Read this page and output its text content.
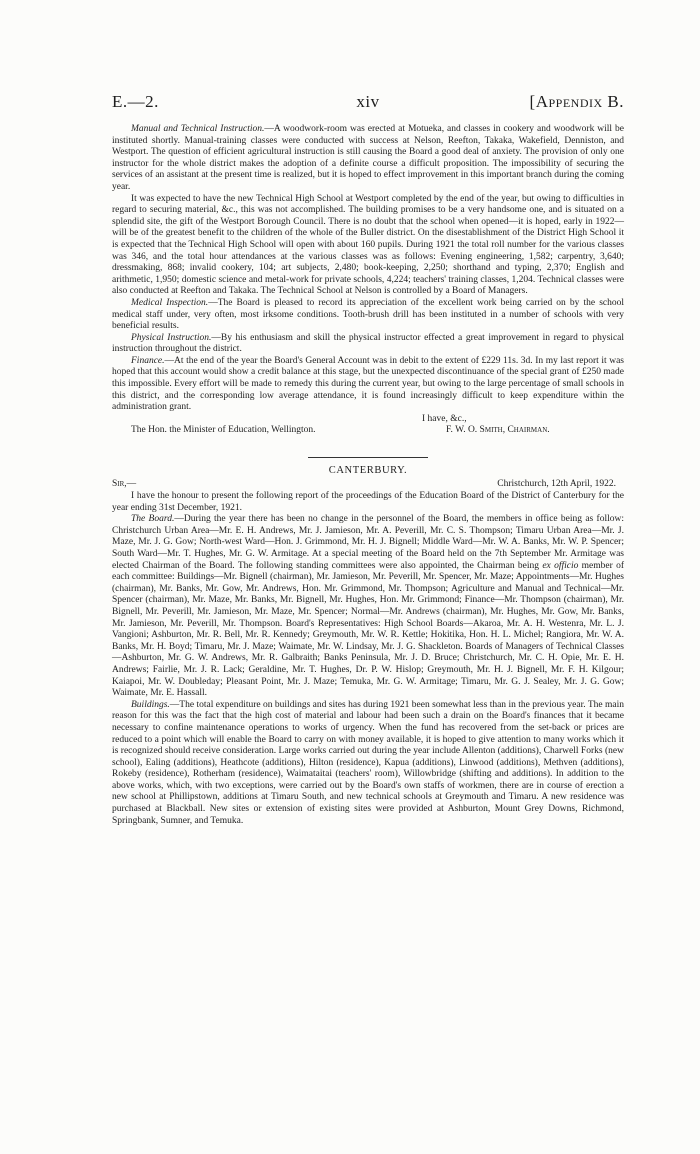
E.—2.	xiv	[Appendix B.

Manual and Technical Instruction.—A woodwork-room was erected at Motueka, and classes in cookery and woodwork will be instituted shortly. Manual-training classes were conducted with success at Nelson, Reefton, Takaka, Wakefield, Denniston, and Westport. The question of efficient agricultural instruction is still causing the Board a good deal of anxiety. The provision of only one instructor for the whole district makes the adoption of a definite course a difficult proposition. The impossibility of securing the services of an assistant at the present time is realized, but it is hoped to effect improvement in this important branch during the coming year.

It was expected to have the new Technical High School at Westport completed by the end of the year, but owing to difficulties in regard to securing material, &c., this was not accomplished. The building promises to be a very handsome one, and is situated on a splendid site, the gift of the Westport Borough Council. There is no doubt that the school when opened—it is hoped, early in 1922—will be of the greatest benefit to the children of the whole of the Buller district. On the disestablishment of the District High School it is expected that the Technical High School will open with about 160 pupils. During 1921 the total roll number for the various classes was 346, and the total hour attendances at the various classes was as follows: Evening engineering, 1,582; carpentry, 3,640; dressmaking, 868; invalid cookery, 104; art subjects, 2,480; book-keeping, 2,250; shorthand and typing, 2,370; English and arithmetic, 1,950; domestic science and metal-work for private schools, 4,224; teachers' training classes, 1,204. Technical classes were also conducted at Reefton and Takaka. The Technical School at Nelson is controlled by a Board of Managers.

Medical Inspection.—The Board is pleased to record its appreciation of the excellent work being carried on by the school medical staff under, very often, most irksome conditions. Tooth-brush drill has been instituted in a number of schools with very beneficial results.

Physical Instruction.—By his enthusiasm and skill the physical instructor effected a great improvement in regard to physical instruction throughout the district.

Finance.—At the end of the year the Board's General Account was in debit to the extent of £229 11s. 3d. In my last report it was hoped that this account would show a credit balance at this stage, but the unexpected discontinuance of the special grant of £250 made this impossible. Every effort will be made to remedy this during the current year, but owing to the large percentage of small schools in this district, and the corresponding low average attendance, it is found increasingly difficult to keep expenditure within the administration grant.

I have, &c.,
The Hon. the Minister of Education, Wellington.	F. W. O. Smith, Chairman.
CANTERBURY.
Sir,—	Christchurch, 12th April, 1922.

I have the honour to present the following report of the proceedings of the Education Board of the District of Canterbury for the year ending 31st December, 1921.

The Board.—During the year there has been no change in the personnel of the Board, the members in office being as follow: Christchurch Urban Area—Mr. E. H. Andrews, Mr. J. Jamieson, Mr. A. Peverill, Mr. C. S. Thompson; Timaru Urban Area—Mr. J. Maze, Mr. J. G. Gow; North-west Ward—Hon. J. Grimmond, Mr. H. J. Bignell; Middle Ward—Mr. W. A. Banks, Mr. W. P. Spencer; South Ward—Mr. T. Hughes, Mr. G. W. Armitage. At a special meeting of the Board held on the 7th September Mr. Armitage was elected Chairman of the Board. The following standing committees were also appointed, the Chairman being ex officio member of each committee: Buildings—Mr. Bignell (chairman), Mr. Jamieson, Mr. Peverill, Mr. Spencer, Mr. Maze; Appointments—Mr. Hughes (chairman), Mr. Banks, Mr. Gow, Mr. Andrews, Hon. Mr. Grimmond, Mr. Thompson; Agriculture and Manual and Technical—Mr. Spencer (chairman), Mr. Maze, Mr. Banks, Mr. Bignell, Mr. Hughes, Hon. Mr. Grimmond; Finance—Mr. Thompson (chairman), Mr. Bignell, Mr. Peverill, Mr. Jamieson, Mr. Maze, Mr. Spencer; Normal—Mr. Andrews (chairman), Mr. Hughes, Mr. Gow, Mr. Banks, Mr. Jamieson, Mr. Peverill, Mr. Thompson. Board's Representatives: High School Boards—Akaroa, Mr. A. H. Westenra, Mr. L. J. Vangioni; Ashburton, Mr. R. Bell, Mr. R. Kennedy; Greymouth, Mr. W. R. Kettle; Hokitika, Hon. H. L. Michel; Rangiora, Mr. W. A. Banks, Mr. H. Boyd; Timaru, Mr. J. Maze; Waimate, Mr. W. Lindsay, Mr. J. G. Shackleton. Boards of Managers of Technical Classes—Ashburton, Mr. G. W. Andrews, Mr. R. Galbraith; Banks Peninsula, Mr. J. D. Bruce; Christchurch, Mr. C. H. Opie, Mr. E. H. Andrews; Fairlie, Mr. J. R. Lack; Geraldine, Mr. T. Hughes, Dr. P. W. Hislop; Greymouth, Mr. H. J. Bignell, Mr. F. H. Kilgour; Kaiapoi, Mr. W. Doubleday; Pleasant Point, Mr. J. Maze; Temuka, Mr. G. W. Armitage; Timaru, Mr. G. J. Sealey, Mr. J. G. Gow; Waimate, Mr. E. Hassall.

Buildings.—The total expenditure on buildings and sites has during 1921 been somewhat less than in the previous year. The main reason for this was the fact that the high cost of material and labour had been such a drain on the Board's finances that it became necessary to confine maintenance operations to works of urgency. When the fund has recovered from the set-back or prices are reduced to a point which will enable the Board to carry on with money available, it is hoped to give attention to many works which it is recognized should receive consideration. Large works carried out during the year include Allenton (additions), Charwell Forks (new school), Ealing (additions), Heathcote (additions), Hilton (residence), Kapua (additions), Linwood (additions), Methven (additions), Rokeby (residence), Rotherham (residence), Waimataitai (teachers' room), Willowbridge (shifting and additions). In addition to the above works, which, with two exceptions, were carried out by the Board's own staffs of workmen, there are in course of erection a new school at Phillipstown, additions at Timaru South, and new technical schools at Greymouth and Timaru. A new residence was purchased at Blackball. New sites or extension of existing sites were provided at Ashburton, Mount Grey Downs, Richmond, Springbank, Sumner, and Temuka.
